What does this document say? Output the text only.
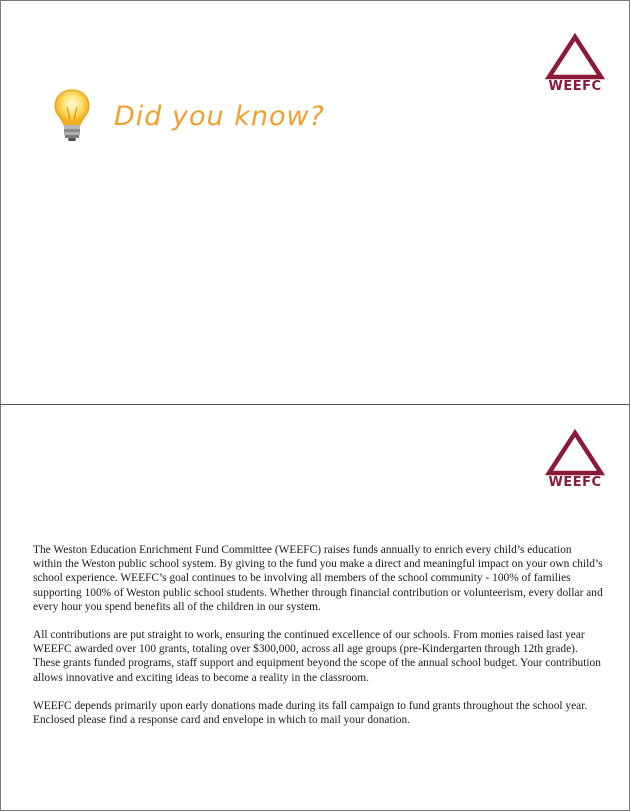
WEEFC
Did you know?
WEEFC

The Weston Education Enrichment Fund Committee (WEEFC) raises funds annually to enrich every child’s education within the Weston public school system. By giving to the fund you make a direct and meaningful impact on your own child’s school experience. WEEFC’s goal continues to be involving all members of the school community - 100% of families supporting 100% of Weston public school students. Whether through financial contribution or volunteerism, every dollar and every hour you spend benefits all of the children in our system.

All contributions are put straight to work, ensuring the continued excellence of our schools. From monies raised last year WEEFC awarded over 100 grants, totaling over $300,000, across all age groups (pre-Kindergarten through 12th grade). These grants funded programs, staff support and equipment beyond the scope of the annual school budget. Your contribution allows innovative and exciting ideas to become a reality in the classroom.

WEEFC depends primarily upon early donations made during its fall campaign to fund grants throughout the school year. Enclosed please find a response card and envelope in which to mail your donation.
